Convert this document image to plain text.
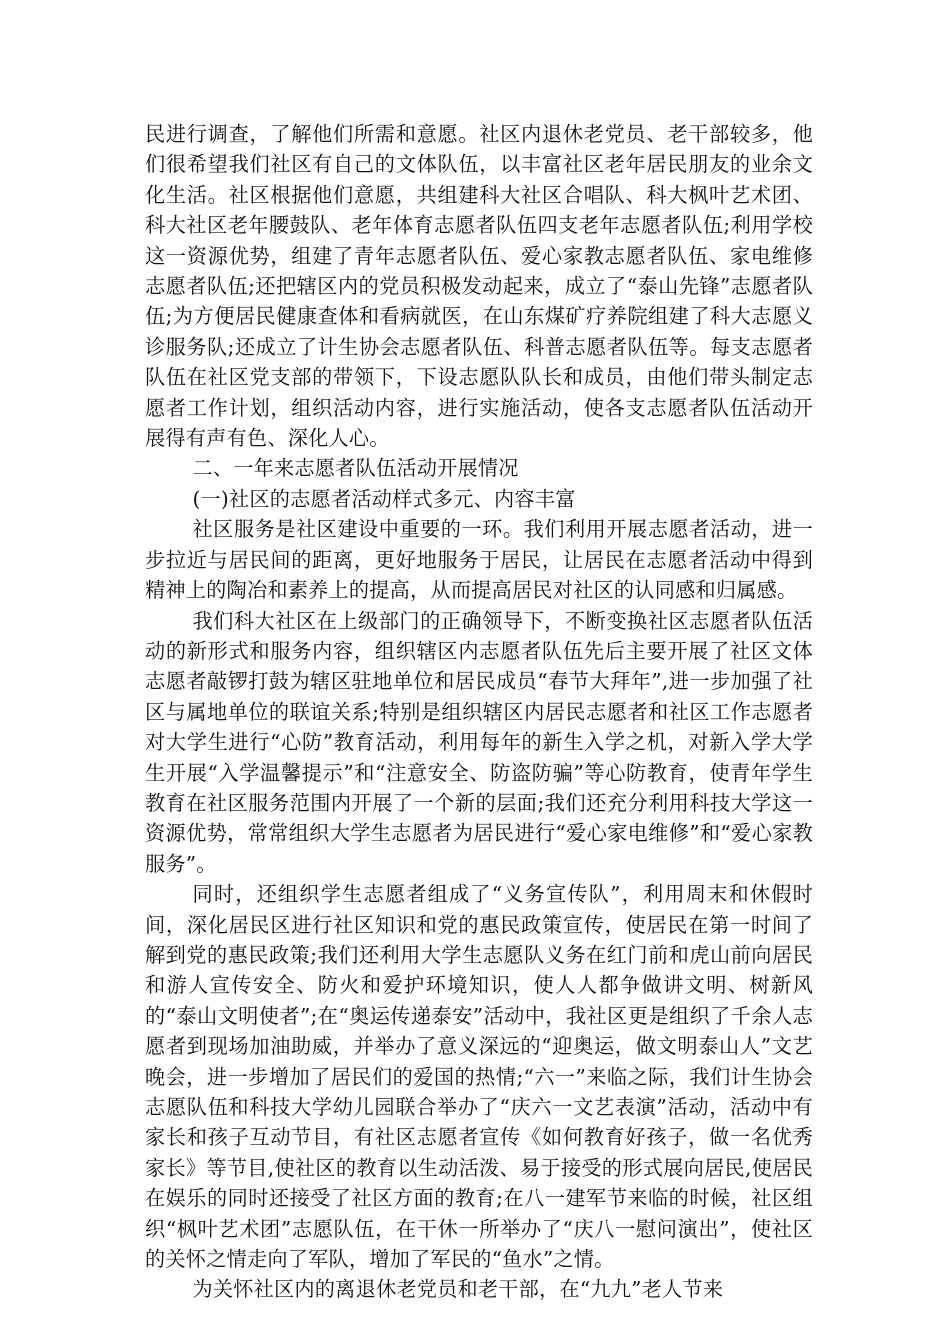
民进行调查，了解他们所需和意愿。社区内退休老党员、老干部较多，他们很希望我们社区有自己的文体队伍，以丰富社区老年居民朋友的业余文化生活。社区根据他们意愿，共组建科大社区合唱队、科大枫叶艺术团、科大社区老年腰鼓队、老年体育志愿者队伍四支老年志愿者队伍;利用学校这一资源优势，组建了青年志愿者队伍、爱心家教志愿者队伍、家电维修志愿者队伍;还把辖区内的党员积极发动起来，成立了“泰山先锋”志愿者队伍;为方便居民健康查体和看病就医，在山东煤矿疗养院组建了科大志愿义诊服务队;还成立了计生协会志愿者队伍、科普志愿者队伍等。每支志愿者队伍在社区党支部的带领下，下设志愿队队长和成员，由他们带头制定志愿者工作计划，组织活动内容，进行实施活动，使各支志愿者队伍活动开展得有声有色、深化人心。

二、一年来志愿者队伍活动开展情况

(一)社区的志愿者活动样式多元、内容丰富

社区服务是社区建设中重要的一环。我们利用开展志愿者活动，进一步拉近与居民间的距离，更好地服务于居民，让居民在志愿者活动中得到精神上的陶冶和素养上的提高，从而提高居民对社区的认同感和归属感。

我们科大社区在上级部门的正确领导下，不断变换社区志愿者队伍活动的新形式和服务内容，组织辖区内志愿者队伍先后主要开展了社区文体志愿者敲锣打鼓为辖区驻地单位和居民成员“春节大拜年”,进一步加强了社区与属地单位的联谊关系;特别是组织辖区内居民志愿者和社区工作志愿者对大学生进行“心防”教育活动，利用每年的新生入学之机，对新入学大学生开展“入学温馨提示”和“注意安全、防盗防骗”等心防教育，使青年学生教育在社区服务范围内开展了一个新的层面;我们还充分利用科技大学这一资源优势，常常组织大学生志愿者为居民进行“爱心家电维修”和“爱心家教服务”。

同时，还组织学生志愿者组成了“义务宣传队”，利用周末和休假时间，深化居民区进行社区知识和党的惠民政策宣传，使居民在第一时间了解到党的惠民政策;我们还利用大学生志愿队义务在红门前和虎山前向居民和游人宣传安全、防火和爱护环境知识，使人人都争做讲文明、树新风的“泰山文明使者”;在“奥运传递泰安”活动中，我社区更是组织了千余人志愿者到现场加油助威，并举办了意义深远的“迎奥运，做文明泰山人”文艺晚会，进一步增加了居民们的爱国的热情;“六一”来临之际，我们计生协会志愿队伍和科技大学幼儿园联合举办了“庆六一文艺表演”活动，活动中有家长和孩子互动节目，有社区志愿者宣传《如何教育好孩子，做一名优秀家长》等节目,使社区的教育以生动活泼、易于接受的形式展向居民,使居民在娱乐的同时还接受了社区方面的教育;在八一建军节来临的时候，社区组织“枫叶艺术团”志愿队伍，在干休一所举办了“庆八一慰问演出”，使社区的关怀之情走向了军队，增加了军民的“鱼水”之情。

为关怀社区内的离退休老党员和老干部，在“九九”老人节来
